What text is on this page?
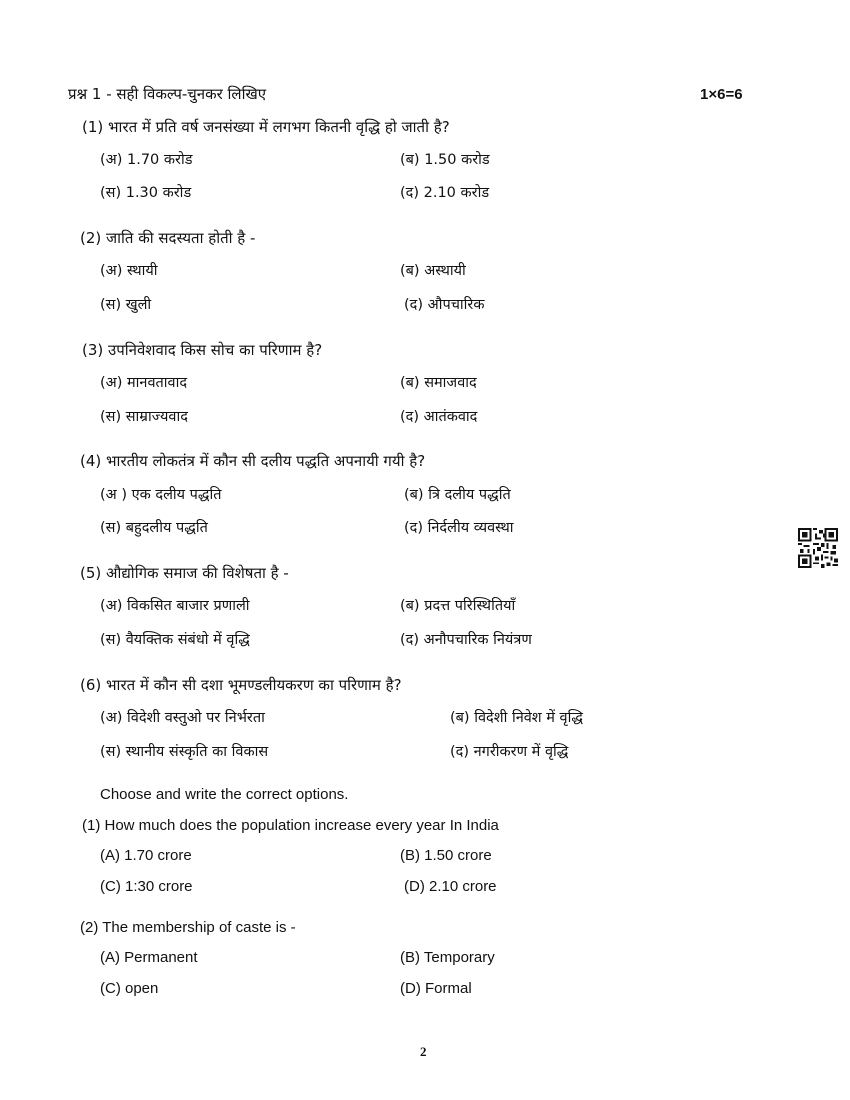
प्रश्न 1 - सही विकल्प-चुनकर लिखिए	1×6=6
(1) भारत में प्रति वर्ष जनसंख्या में लगभग कितनी वृद्धि हो जाती है?
(अ) 1.70 करोड	(ब) 1.50 करोड
(स) 1.30 करोड	(द) 2.10 करोड
(2) जाति की सदस्यता होती है -
(अ) स्थायी	(ब) अस्थायी
(स) खुली	(द) औपचारिक
(3) उपनिवेशवाद किस सोच का परिणाम है?
(अ) मानवतावाद	(ब) समाजवाद
(स) साम्राज्यवाद	(द) आतंकवाद
(4) भारतीय लोकतंत्र में कौन सी दलीय पद्धति अपनायी गयी है?
(अ ) एक दलीय पद्धति	(ब) त्रि दलीय पद्धति
(स) बहुदलीय पद्धति	(द) निर्दलीय व्यवस्था
(5) औद्योगिक समाज की विशेषता है -
(अ) विकसित बाजार प्रणाली	(ब) प्रदत्त परिस्थितियाँ
(स) वैयक्तिक संबंधो में वृद्धि	(द) अनौपचारिक नियंत्रण
(6) भारत में कौन सी दशा भूमण्डलीयकरण का परिणाम है?
(अ) विदेशी वस्तुओ पर निर्भरता	(ब) विदेशी निवेश में वृद्धि
(स) स्थानीय संस्कृति का विकास	(द) नगरीकरण में वृद्धि
Choose and write the correct options.
(1) How much does the population increase every year In India
(A) 1.70 crore	(B) 1.50 crore
(C) 1:30 crore	(D) 2.10 crore
(2) The membership of caste is -
(A) Permanent	(B) Temporary
(C) open	(D) Formal
2
